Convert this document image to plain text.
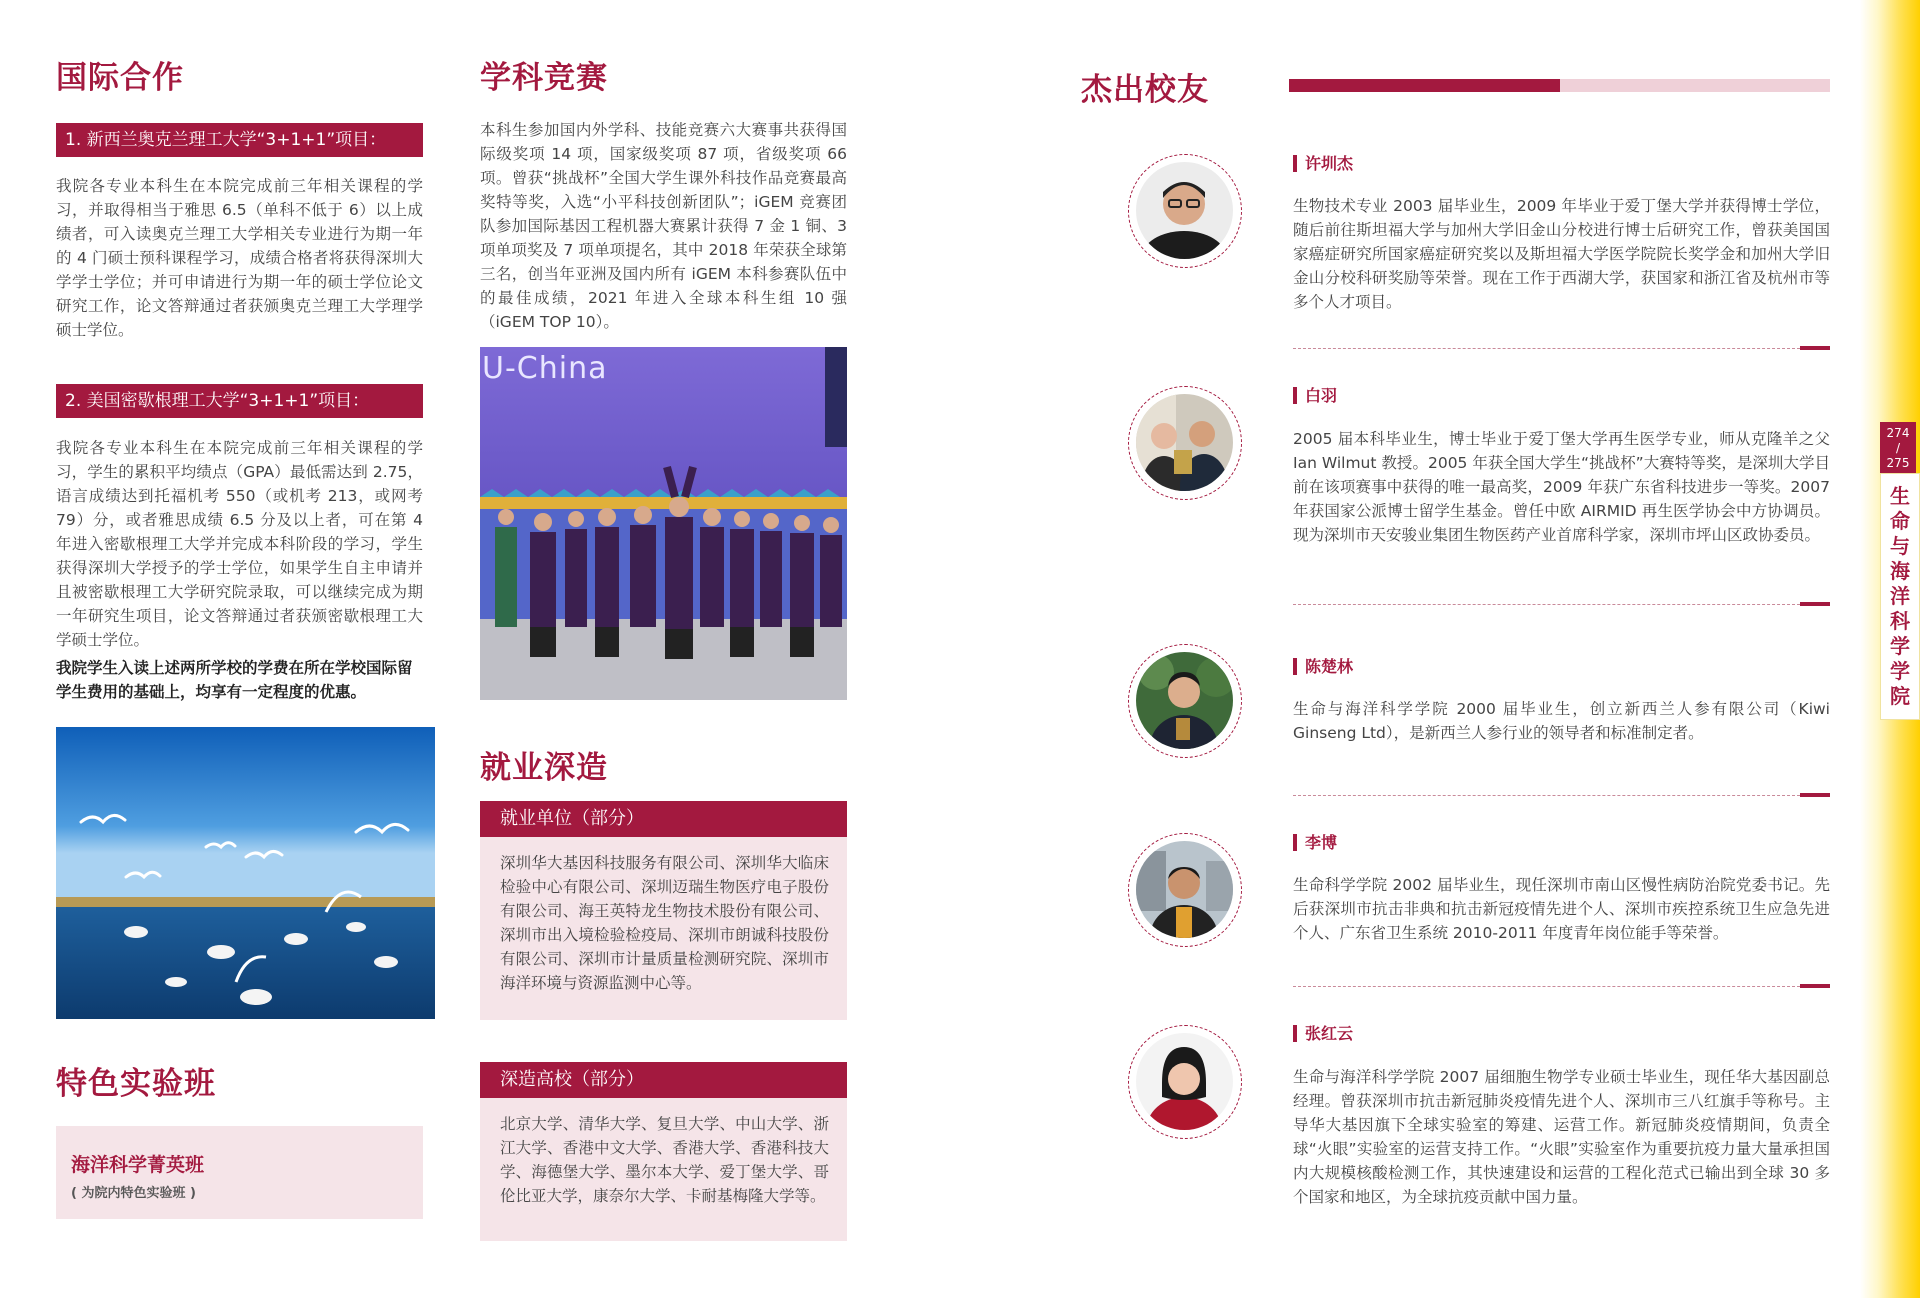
国际合作
1. 新西兰奥克兰理工大学“3+1+1”项目：
我院各专业本科生在本院完成前三年相关课程的学习，并取得相当于雅思 6.5（单科不低于 6）以上成绩者，可入读奥克兰理工大学相关专业进行为期一年的 4 门硕士预科课程学习，成绩合格者将获得深圳大学学士学位；并可申请进行为期一年的硕士学位论文研究工作，论文答辩通过者获颁奥克兰理工大学理学硕士学位。
2. 美国密歇根理工大学“3+1+1”项目：
我院各专业本科生在本院完成前三年相关课程的学习，学生的累积平均绩点（GPA）最低需达到 2.75，语言成绩达到托福机考 550（或机考 213，或网考 79）分，或者雅思成绩 6.5 分及以上者，可在第 4 年进入密歇根理工大学并完成本科阶段的学习，学生获得深圳大学授予的学士学位，如果学生自主申请并且被密歇根理工大学研究院录取，可以继续完成为期一年研究生项目，论文答辩通过者获颁密歇根理工大学硕士学位。
我院学生入读上述两所学校的学费在所在学校国际留学生费用的基础上，均享有一定程度的优惠。
特色实验班
海洋科学菁英班
( 为院内特色实验班 )
学科竞赛
本科生参加国内外学科、技能竞赛六大赛事共获得国际级奖项 14 项，国家级奖项 87 项，省级奖项 66 项。曾获“挑战杯”全国大学生课外科技作品竞赛最高奖特等奖，入选“小平科技创新团队”；iGEM 竞赛团队参加国际基因工程机器大赛累计获得 7 金 1 铜、3 项单项奖及 7 项单项提名，其中 2018 年荣获全球第三名，创当年亚洲及国内所有 iGEM 本科参赛队伍中的最佳成绩，2021 年进入全球本科生组 10 强（iGEM TOP 10）。
U-China
就业深造
就业单位（部分）
深圳华大基因科技服务有限公司、深圳华大临床检验中心有限公司、深圳迈瑞生物医疗电子股份有限公司、海王英特龙生物技术股份有限公司、深圳市出入境检验检疫局、深圳市朗诚科技股份有限公司、深圳市计量质量检测研究院、深圳市海洋环境与资源监测中心等。
深造高校（部分）
北京大学、清华大学、复旦大学、中山大学、浙江大学、香港中文大学、香港大学、香港科技大学、海德堡大学、墨尔本大学、爱丁堡大学、哥伦比亚大学，康奈尔大学、卡耐基梅隆大学等。
杰出校友
许圳杰
生物技术专业 2003 届毕业生，2009 年毕业于爱丁堡大学并获得博士学位，随后前往斯坦福大学与加州大学旧金山分校进行博士后研究工作，曾获美国国家癌症研究所国家癌症研究奖以及斯坦福大学医学院院长奖学金和加州大学旧金山分校科研奖励等荣誉。现在工作于西湖大学，获国家和浙江省及杭州市等多个人才项目。
白羽
2005 届本科毕业生，博士毕业于爱丁堡大学再生医学专业，师从克隆羊之父 Ian Wilmut 教授。2005 年获全国大学生“挑战杯”大赛特等奖，是深圳大学目前在该项赛事中获得的唯一最高奖，2009 年获广东省科技进步一等奖。2007 年获国家公派博士留学生基金。曾任中欧 AIRMID 再生医学协会中方协调员。现为深圳市天安骏业集团生物医药产业首席科学家，深圳市坪山区政协委员。
陈楚林
生命与海洋科学学院 2000 届毕业生，创立新西兰人参有限公司（Kiwi Ginseng Ltd），是新西兰人参行业的领导者和标准制定者。
李博
生命科学学院 2002 届毕业生，现任深圳市南山区慢性病防治院党委书记。先后获深圳市抗击非典和抗击新冠疫情先进个人、深圳市疾控系统卫生应急先进个人、广东省卫生系统 2010-2011 年度青年岗位能手等荣誉。
张红云
生命与海洋科学学院 2007 届细胞生物学专业硕士毕业生，现任华大基因副总经理。曾获深圳市抗击新冠肺炎疫情先进个人、深圳市三八红旗手等称号。主导华大基因旗下全球实验室的筹建、运营工作。新冠肺炎疫情期间，负责全球“火眼”实验室的运营支持工作。“火眼”实验室作为重要抗疫力量大量承担国内大规模核酸检测工作，其快速建设和运营的工程化范式已输出到全球 30 多个国家和地区，为全球抗疫贡献中国力量。
274
/
275
生
命
与
海
洋
科
学
学
院
